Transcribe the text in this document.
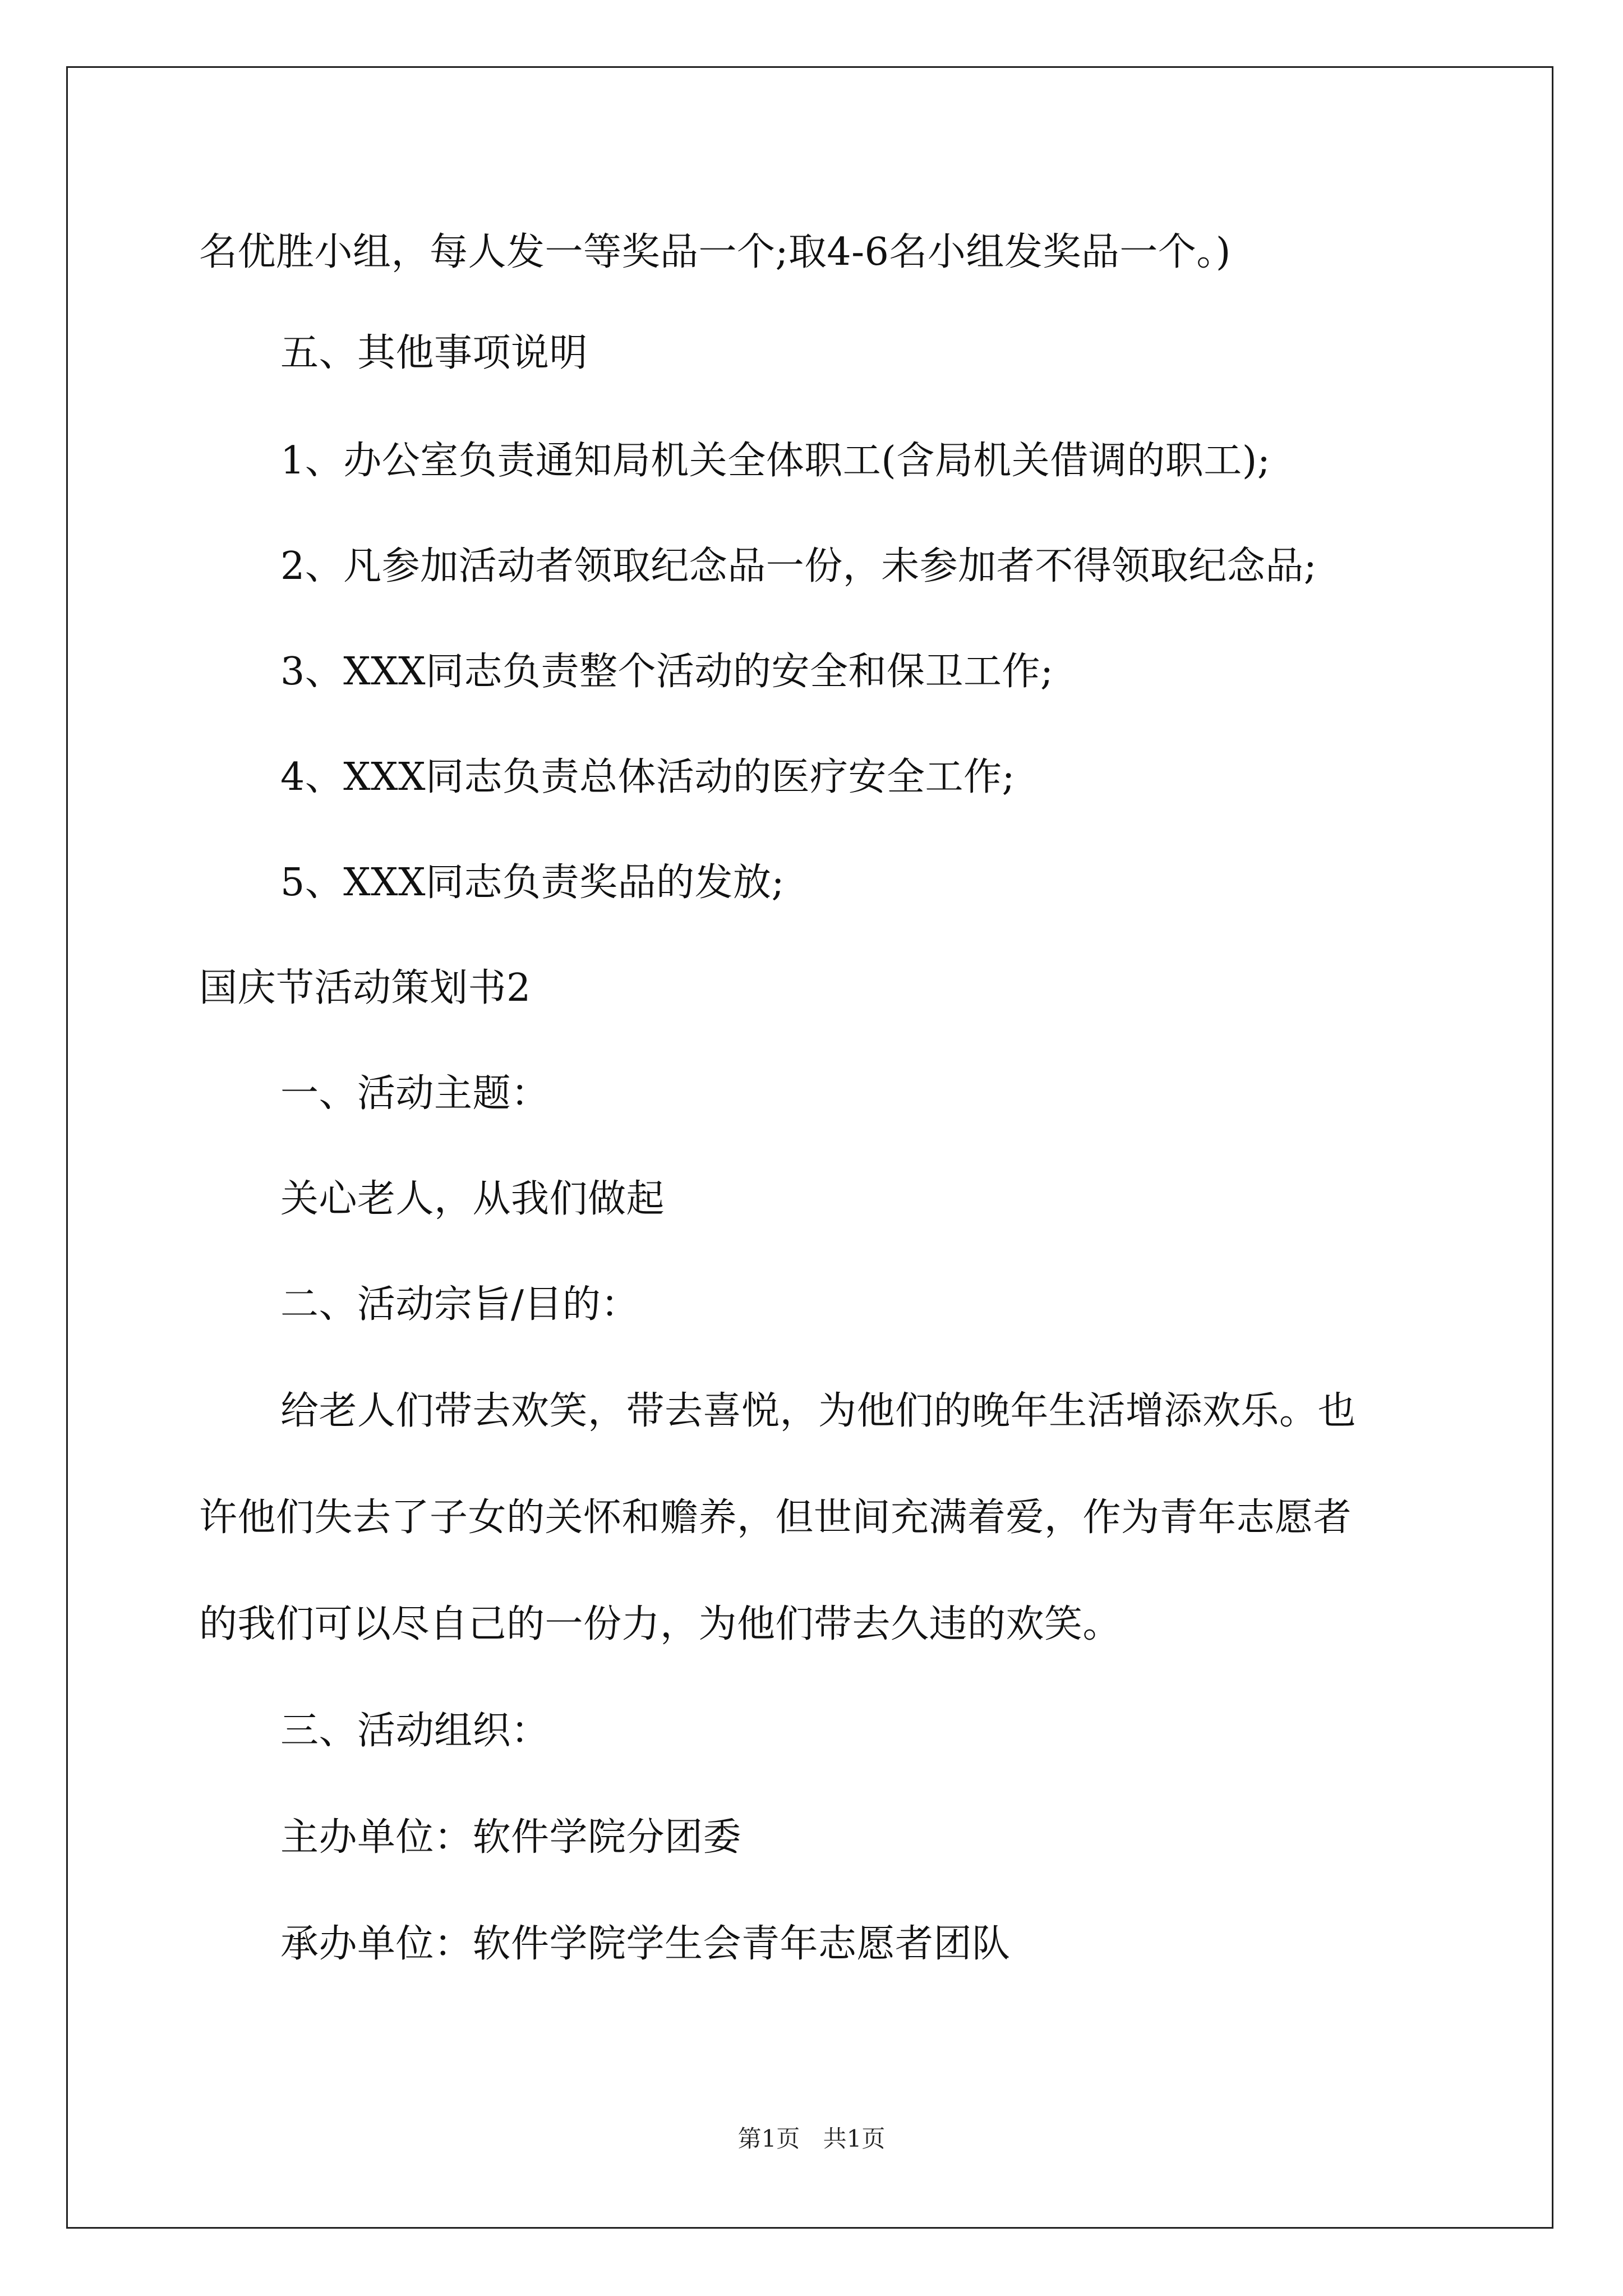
名优胜小组，每人发一等奖品一个;取4-6名小组发奖品一个。)
五、其他事项说明
1、办公室负责通知局机关全体职工(含局机关借调的职工);
2、凡参加活动者领取纪念品一份，未参加者不得领取纪念品;
3、XXX同志负责整个活动的安全和保卫工作;
4、XXX同志负责总体活动的医疗安全工作;
5、XXX同志负责奖品的发放;
国庆节活动策划书2
一、活动主题：
关心老人，从我们做起
二、活动宗旨/目的：
给老人们带去欢笑，带去喜悦，为他们的晚年生活增添欢乐。也
许他们失去了子女的关怀和赡养，但世间充满着爱，作为青年志愿者
的我们可以尽自己的一份力，为他们带去久违的欢笑。
三、活动组织：
主办单位：软件学院分团委
承办单位：软件学院学生会青年志愿者团队
第1页 共1页
